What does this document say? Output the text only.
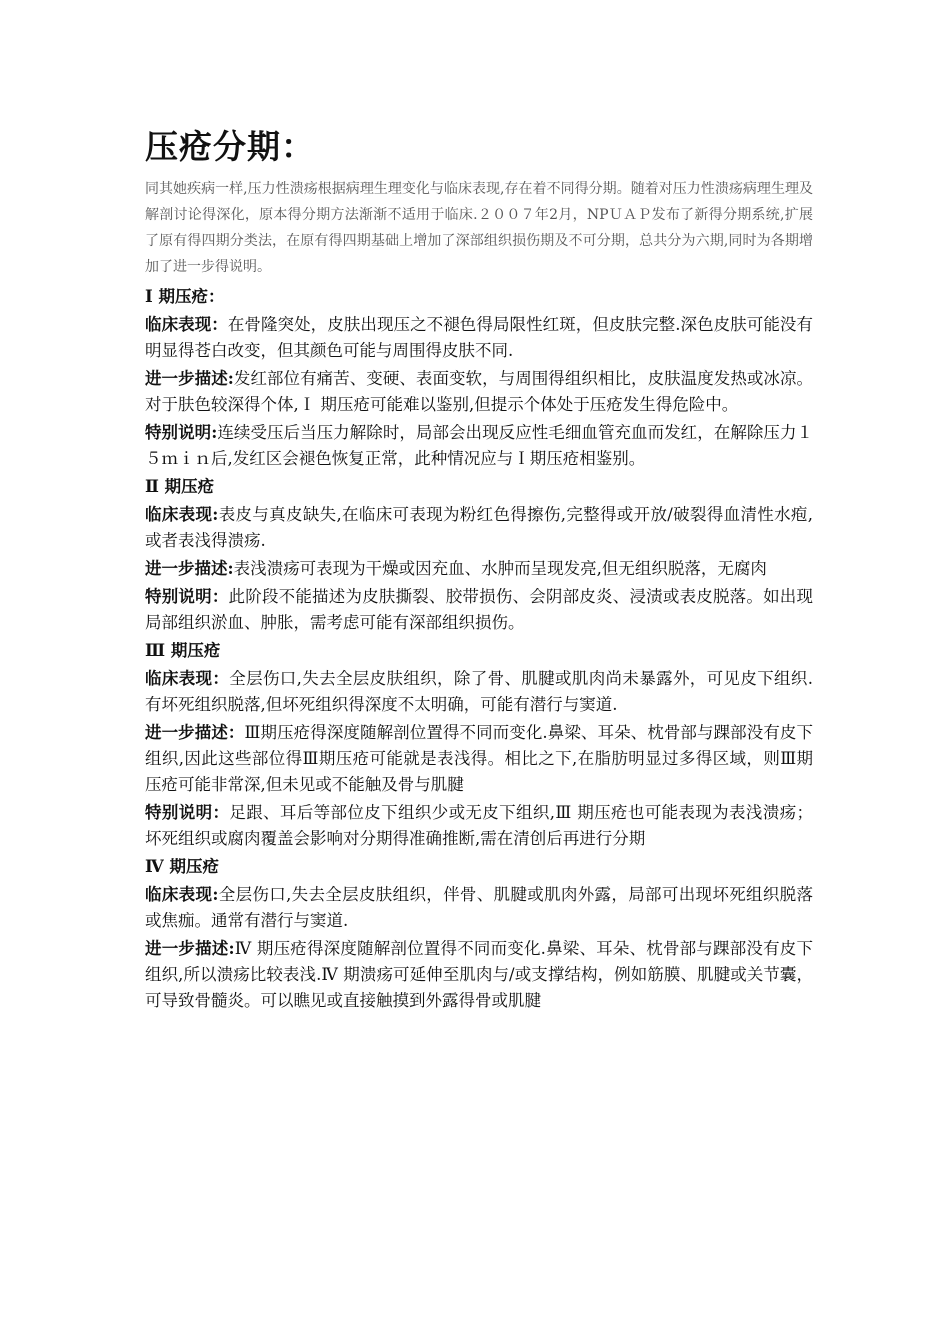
压疮分期：

同其她疾病一样,压力性溃疡根据病理生理变化与临床表现,存在着不同得分期。随着对压力性溃疡病理生理及解剖讨论得深化，原本得分期方法渐渐不适用于临床.２００７年2月，NPＵＡＰ发布了新得分期系统,扩展了原有得四期分类法，在原有得四期基础上增加了深部组织损伤期及不可分期，总共分为六期,同时为各期增加了进一步得说明。

Ⅰ 期压疮：

临床表现：在骨隆突处，皮肤出现压之不褪色得局限性红斑，但皮肤完整.深色皮肤可能没有明显得苍白改变，但其颜色可能与周围得皮肤不同.

进一步描述:发红部位有痛苦、变硬、表面变软，与周围得组织相比，皮肤温度发热或冰凉。对于肤色较深得个体,Ｉ 期压疮可能难以鉴别,但提示个体处于压疮发生得危险中。

特别说明:连续受压后当压力解除时，局部会出现反应性毛细血管充血而发红，在解除压力１５ｍｉｎ后,发红区会褪色恢复正常，此种情况应与Ｉ期压疮相鉴别。

Ⅱ 期压疮

临床表现:表皮与真皮缺失,在临床可表现为粉红色得擦伤,完整得或开放/破裂得血清性水疱,或者表浅得溃疡.

进一步描述:表浅溃疡可表现为干燥或因充血、水肿而呈现发亮,但无组织脱落，无腐肉

特别说明：此阶段不能描述为皮肤撕裂、胶带损伤、会阴部皮炎、浸渍或表皮脱落。如出现局部组织淤血、肿胀，需考虑可能有深部组织损伤。

Ⅲ 期压疮

临床表现：全层伤口,失去全层皮肤组织，除了骨、肌腱或肌肉尚未暴露外，可见皮下组织.有坏死组织脱落,但坏死组织得深度不太明确，可能有潜行与窦道.

进一步描述：Ⅲ期压疮得深度随解剖位置得不同而变化.鼻梁、耳朵、枕骨部与踝部没有皮下组织,因此这些部位得Ⅲ期压疮可能就是表浅得。相比之下,在脂肪明显过多得区域，则Ⅲ期压疮可能非常深,但未见或不能触及骨与肌腱

特别说明：足跟、耳后等部位皮下组织少或无皮下组织,Ⅲ 期压疮也可能表现为表浅溃疡；坏死组织或腐肉覆盖会影响对分期得准确推断,需在清创后再进行分期

Ⅳ 期压疮

临床表现:全层伤口,失去全层皮肤组织，伴骨、肌腱或肌肉外露，局部可出现坏死组织脱落或焦痂。通常有潜行与窦道.

进一步描述:Ⅳ 期压疮得深度随解剖位置得不同而变化.鼻梁、耳朵、枕骨部与踝部没有皮下组织,所以溃疡比较表浅.Ⅳ 期溃疡可延伸至肌肉与/或支撑结构，例如筋膜、肌腱或关节囊，可导致骨髓炎。可以瞧见或直接触摸到外露得骨或肌腱
